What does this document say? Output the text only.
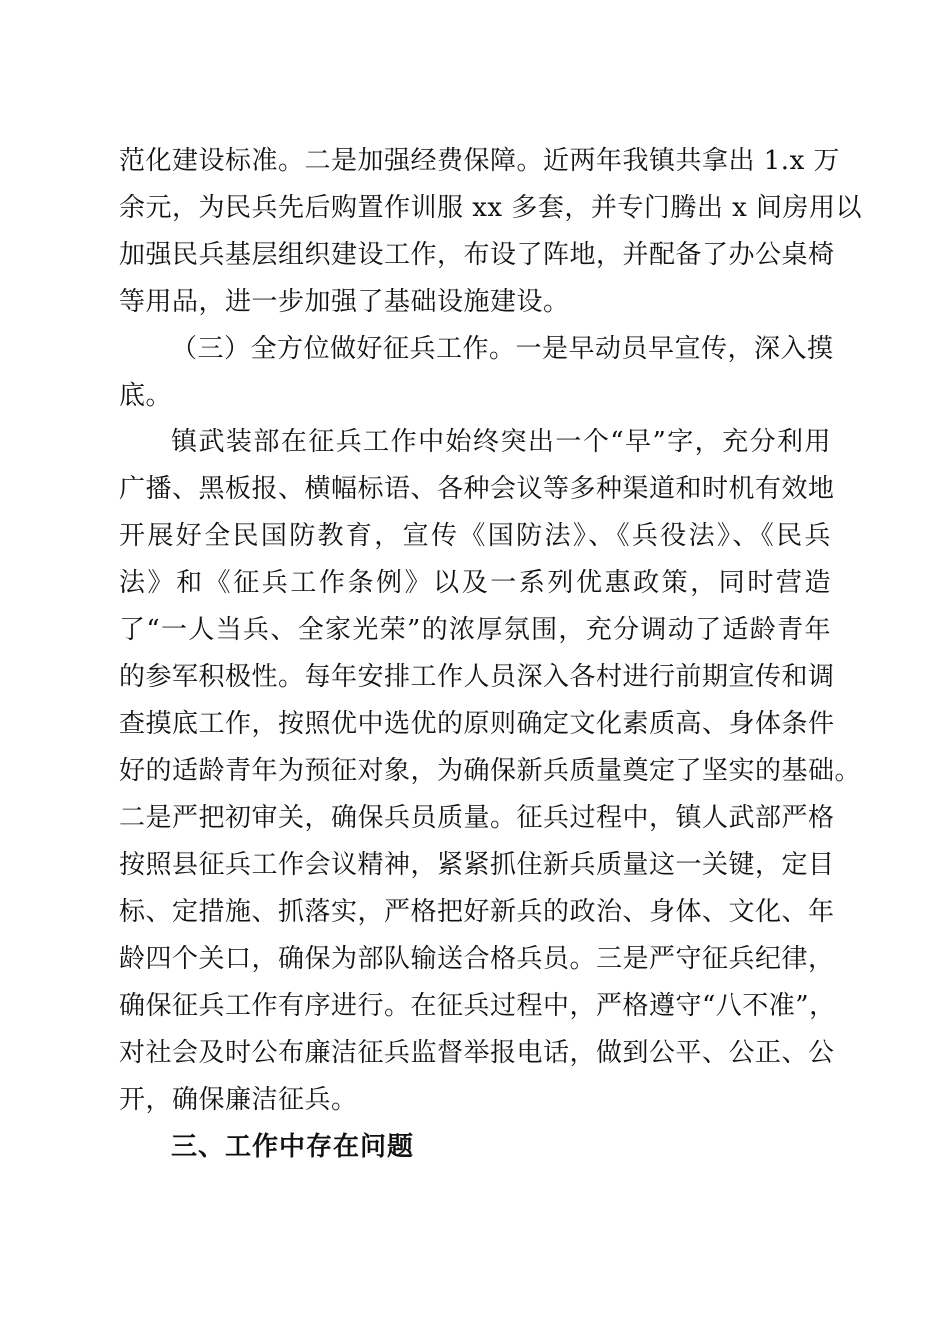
范化建设标准。二是加强经费保障。近两年我镇共拿出 1.x 万
余元，为民兵先后购置作训服 xx 多套，并专门腾出 x 间房用以
加强民兵基层组织建设工作，布设了阵地，并配备了办公桌椅
等用品，进一步加强了基础设施建设。
（三）全方位做好征兵工作。一是早动员早宣传，深入摸
底。
镇武装部在征兵工作中始终突出一个“早”字，充分利用
广播、黑板报、横幅标语、各种会议等多种渠道和时机有效地
开展好全民国防教育，宣传《国防法》、《兵役法》、《民兵
法》和《征兵工作条例》以及一系列优惠政策，同时营造
了“一人当兵、全家光荣”的浓厚氛围，充分调动了适龄青年
的参军积极性。每年安排工作人员深入各村进行前期宣传和调
查摸底工作，按照优中选优的原则确定文化素质高、身体条件
好的适龄青年为预征对象，为确保新兵质量奠定了坚实的基础。
二是严把初审关，确保兵员质量。征兵过程中，镇人武部严格
按照县征兵工作会议精神，紧紧抓住新兵质量这一关键，定目
标、定措施、抓落实，严格把好新兵的政治、身体、文化、年
龄四个关口，确保为部队输送合格兵员。三是严守征兵纪律，
确保征兵工作有序进行。在征兵过程中，严格遵守“八不准”，
对社会及时公布廉洁征兵监督举报电话，做到公平、公正、公
开，确保廉洁征兵。
三、工作中存在问题
